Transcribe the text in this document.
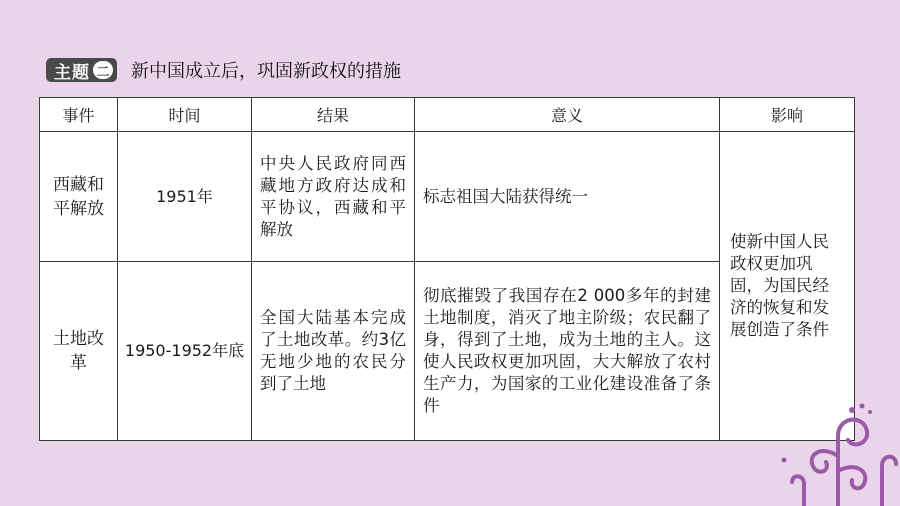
主题 二 新中国成立后，巩固新政权的措施
事件	时间	结果	意义	影响
西藏和平解放	1951年	中央人民政府同西藏地方政府达成和平协议，西藏和平解放	标志祖国大陆获得统一	使新中国人民政权更加巩固，为国民经济的恢复和发展创造了条件
土地改革	1950-1952年底	全国大陆基本完成了土地改革。约3亿无地少地的农民分到了土地	彻底摧毁了我国存在2 000多年的封建土地制度，消灭了地主阶级；农民翻了身，得到了土地，成为土地的主人。这使人民政权更加巩固，大大解放了农村生产力，为国家的工业化建设准备了条件	
